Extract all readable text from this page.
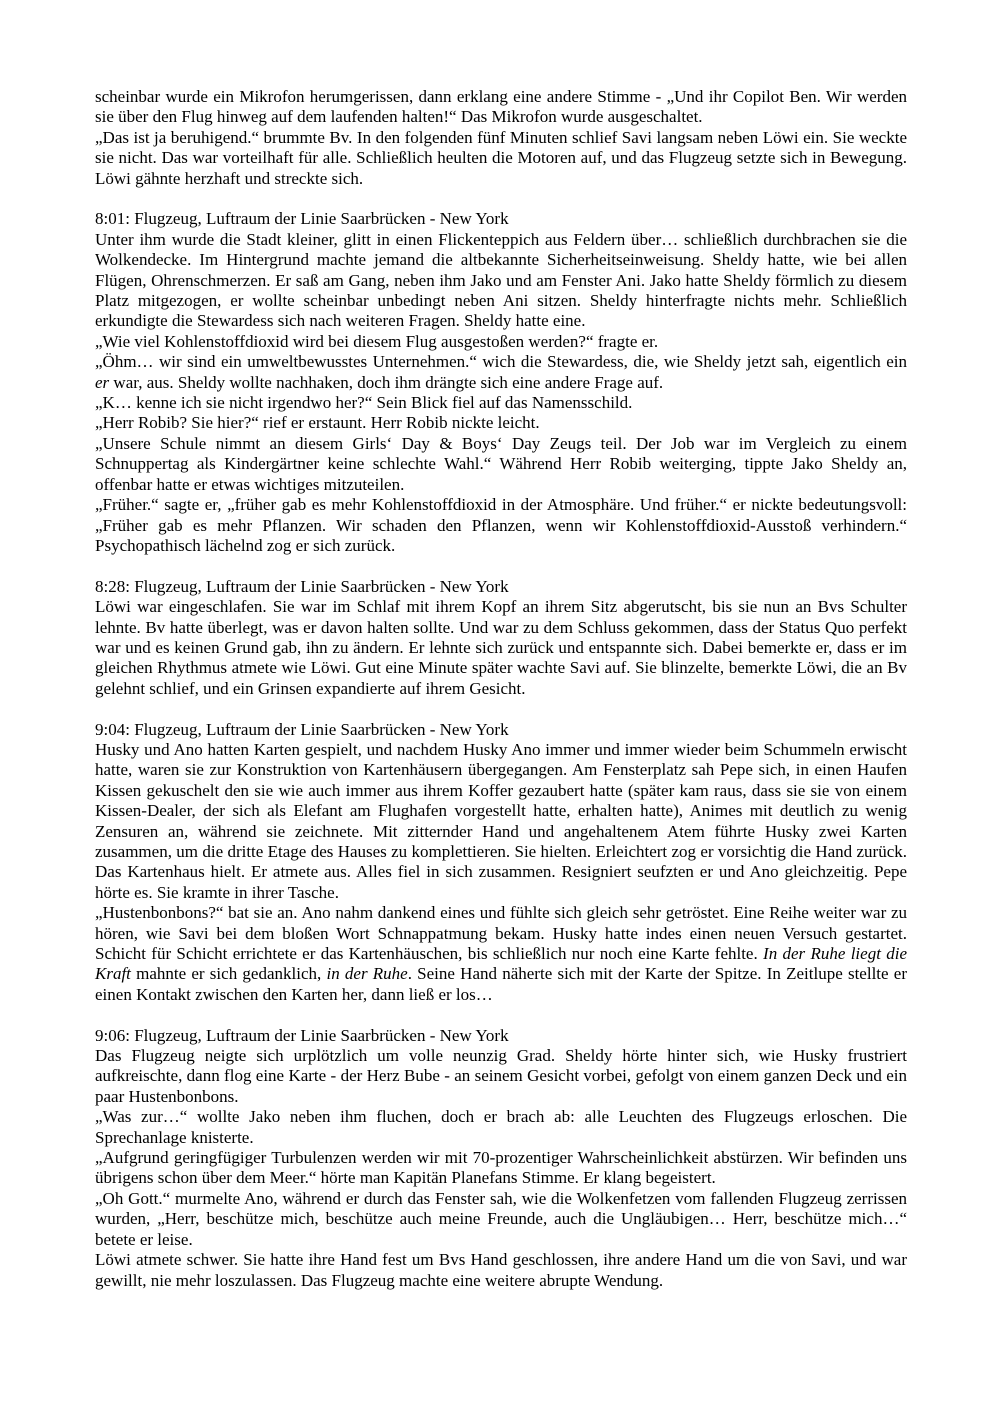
scheinbar wurde ein Mikrofon herumgerissen, dann erklang eine andere Stimme - „Und ihr Copilot Ben. Wir werden sie über den Flug hinweg auf dem laufenden halten!“ Das Mikrofon wurde ausgeschaltet.

„Das ist ja beruhigend.“ brummte Bv. In den folgenden fünf Minuten schlief Savi langsam neben Löwi ein. Sie weckte sie nicht. Das war vorteilhaft für alle. Schließlich heulten die Motoren auf, und das Flugzeug setzte sich in Bewegung. Löwi gähnte herzhaft und streckte sich.

8:01: Flugzeug, Luftraum der Linie Saarbrücken - New York

Unter ihm wurde die Stadt kleiner, glitt in einen Flickenteppich aus Feldern über… schließlich durchbrachen sie die Wolkendecke. Im Hintergrund machte jemand die altbekannte Sicherheitseinweisung. Sheldy hatte, wie bei allen Flügen, Ohrenschmerzen. Er saß am Gang, neben ihm Jako und am Fenster Ani. Jako hatte Sheldy förmlich zu diesem Platz mitgezogen, er wollte scheinbar unbedingt neben Ani sitzen. Sheldy hinterfragte nichts mehr. Schließlich erkundigte die Stewardess sich nach weiteren Fragen. Sheldy hatte eine.

„Wie viel Kohlenstoffdioxid wird bei diesem Flug ausgestoßen werden?“ fragte er.

„Öhm… wir sind ein umweltbewusstes Unternehmen.“ wich die Stewardess, die, wie Sheldy jetzt sah, eigentlich ein er war, aus. Sheldy wollte nachhaken, doch ihm drängte sich eine andere Frage auf.

„K… kenne ich sie nicht irgendwo her?“ Sein Blick fiel auf das Namensschild.

„Herr Robib? Sie hier?“ rief er erstaunt. Herr Robib nickte leicht.

„Unsere Schule nimmt an diesem Girls‘ Day & Boys‘ Day Zeugs teil. Der Job war im Vergleich zu einem Schnuppertag als Kindergärtner keine schlechte Wahl.“ Während Herr Robib weiterging, tippte Jako Sheldy an, offenbar hatte er etwas wichtiges mitzuteilen.

„Früher.“ sagte er, „früher gab es mehr Kohlenstoffdioxid in der Atmosphäre. Und früher.“ er nickte bedeutungsvoll: „Früher gab es mehr Pflanzen. Wir schaden den Pflanzen, wenn wir Kohlenstoffdioxid-Ausstoß verhindern.“ Psychopathisch lächelnd zog er sich zurück.

8:28: Flugzeug, Luftraum der Linie Saarbrücken - New York

Löwi war eingeschlafen. Sie war im Schlaf mit ihrem Kopf an ihrem Sitz abgerutscht, bis sie nun an Bvs Schulter lehnte. Bv hatte überlegt, was er davon halten sollte. Und war zu dem Schluss gekommen, dass der Status Quo perfekt war und es keinen Grund gab, ihn zu ändern. Er lehnte sich zurück und entspannte sich. Dabei bemerkte er, dass er im gleichen Rhythmus atmete wie Löwi. Gut eine Minute später wachte Savi auf. Sie blinzelte, bemerkte Löwi, die an Bv gelehnt schlief, und ein Grinsen expandierte auf ihrem Gesicht.

9:04: Flugzeug, Luftraum der Linie Saarbrücken - New York

Husky und Ano hatten Karten gespielt, und nachdem Husky Ano immer und immer wieder beim Schummeln erwischt hatte, waren sie zur Konstruktion von Kartenhäusern übergegangen. Am Fensterplatz sah Pepe sich, in einen Haufen Kissen gekuschelt den sie wie auch immer aus ihrem Koffer gezaubert hatte (später kam raus, dass sie sie von einem Kissen-Dealer, der sich als Elefant am Flughafen vorgestellt hatte, erhalten hatte), Animes mit deutlich zu wenig Zensuren an, während sie zeichnete. Mit zitternder Hand und angehaltenem Atem führte Husky zwei Karten zusammen, um die dritte Etage des Hauses zu komplettieren. Sie hielten. Erleichtert zog er vorsichtig die Hand zurück. Das Kartenhaus hielt. Er atmete aus. Alles fiel in sich zusammen. Resigniert seufzten er und Ano gleichzeitig. Pepe hörte es. Sie kramte in ihrer Tasche.

„Hustenbonbons?“ bat sie an. Ano nahm dankend eines und fühlte sich gleich sehr getröstet. Eine Reihe weiter war zu hören, wie Savi bei dem bloßen Wort Schnappatmung bekam. Husky hatte indes einen neuen Versuch gestartet. Schicht für Schicht errichtete er das Kartenhäuschen, bis schließlich nur noch eine Karte fehlte. In der Ruhe liegt die Kraft mahnte er sich gedanklich, in der Ruhe. Seine Hand näherte sich mit der Karte der Spitze. In Zeitlupe stellte er einen Kontakt zwischen den Karten her, dann ließ er los…

9:06: Flugzeug, Luftraum der Linie Saarbrücken - New York

Das Flugzeug neigte sich urplötzlich um volle neunzig Grad. Sheldy hörte hinter sich, wie Husky frustriert aufkreischte, dann flog eine Karte - der Herz Bube - an seinem Gesicht vorbei, gefolgt von einem ganzen Deck und ein paar Hustenbonbons.

„Was zur…“ wollte Jako neben ihm fluchen, doch er brach ab: alle Leuchten des Flugzeugs erloschen. Die Sprechanlage knisterte.

„Aufgrund geringfügiger Turbulenzen werden wir mit 70-prozentiger Wahrscheinlichkeit abstürzen. Wir befinden uns übrigens schon über dem Meer.“ hörte man Kapitän Planefans Stimme. Er klang begeistert.

„Oh Gott.“ murmelte Ano, während er durch das Fenster sah, wie die Wolkenfetzen vom fallenden Flugzeug zerrissen wurden, „Herr, beschütze mich, beschütze auch meine Freunde, auch die Ungläubigen… Herr, beschütze mich…“ betete er leise.

Löwi atmete schwer. Sie hatte ihre Hand fest um Bvs Hand geschlossen, ihre andere Hand um die von Savi, und war gewillt, nie mehr loszulassen. Das Flugzeug machte eine weitere abrupte Wendung.
